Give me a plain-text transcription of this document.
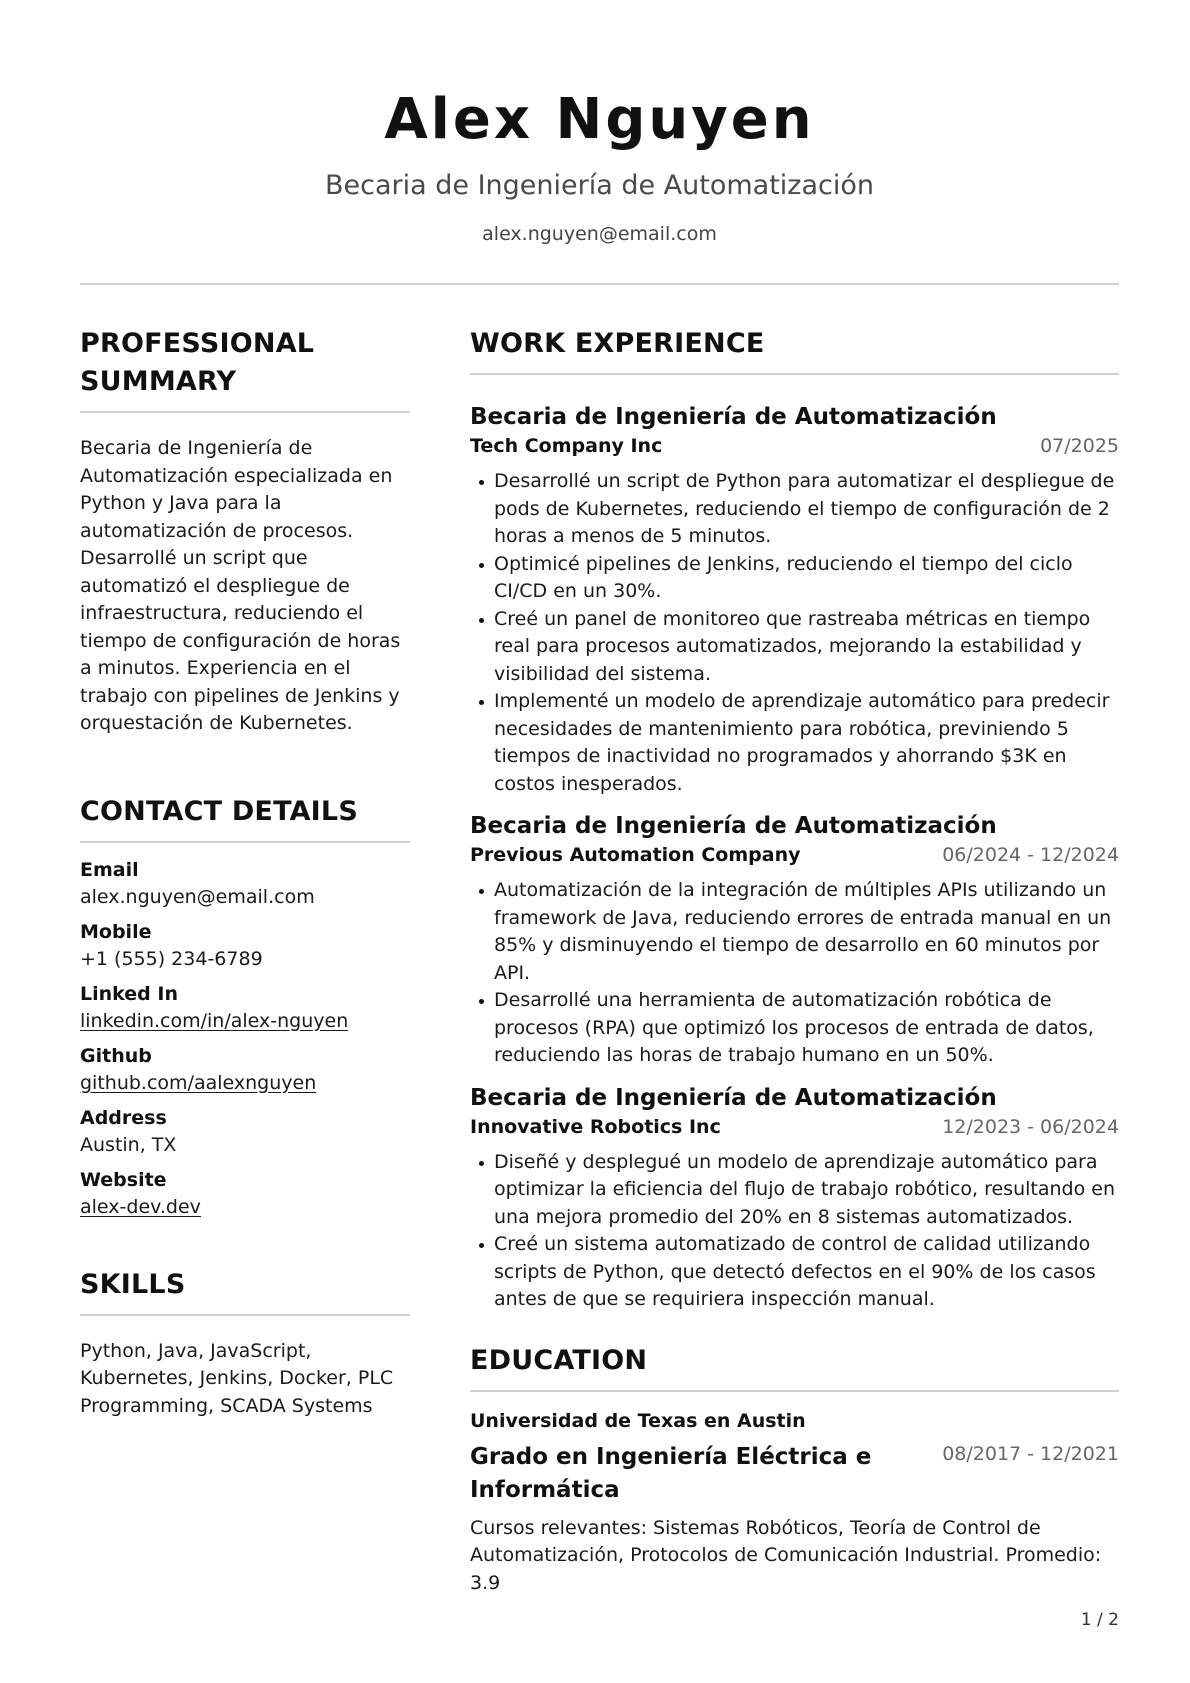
Alex Nguyen
Becaria de Ingeniería de Automatización
alex.nguyen@email.com
PROFESSIONAL SUMMARY
Becaria de Ingeniería de Automatización especializada en Python y Java para la automatización de procesos. Desarrollé un script que automatizó el despliegue de infraestructura, reduciendo el tiempo de configuración de horas a minutos. Experiencia en el trabajo con pipelines de Jenkins y orquestación de Kubernetes.
CONTACT DETAILS
Email
alex.nguyen@email.com
Mobile
+1 (555) 234-6789
Linked In
linkedin.com/in/alex-nguyen
Github
github.com/aalexnguyen
Address
Austin, TX
Website
alex-dev.dev
SKILLS
Python, Java, JavaScript, Kubernetes, Jenkins, Docker, PLC Programming, SCADA Systems
WORK EXPERIENCE
Becaria de Ingeniería de Automatización
Tech Company Inc	07/2025
Desarrollé un script de Python para automatizar el despliegue de pods de Kubernetes, reduciendo el tiempo de configuración de 2 horas a menos de 5 minutos.
Optimicé pipelines de Jenkins, reduciendo el tiempo del ciclo CI/CD en un 30%.
Creé un panel de monitoreo que rastreaba métricas en tiempo real para procesos automatizados, mejorando la estabilidad y visibilidad del sistema.
Implementé un modelo de aprendizaje automático para predecir necesidades de mantenimiento para robótica, previniendo 5 tiempos de inactividad no programados y ahorrando $3K en costos inesperados.
Becaria de Ingeniería de Automatización
Previous Automation Company	06/2024 - 12/2024
Automatización de la integración de múltiples APIs utilizando un framework de Java, reduciendo errores de entrada manual en un 85% y disminuyendo el tiempo de desarrollo en 60 minutos por API.
Desarrollé una herramienta de automatización robótica de procesos (RPA) que optimizó los procesos de entrada de datos, reduciendo las horas de trabajo humano en un 50%.
Becaria de Ingeniería de Automatización
Innovative Robotics Inc	12/2023 - 06/2024
Diseñé y desplegué un modelo de aprendizaje automático para optimizar la eficiencia del flujo de trabajo robótico, resultando en una mejora promedio del 20% en 8 sistemas automatizados.
Creé un sistema automatizado de control de calidad utilizando scripts de Python, que detectó defectos en el 90% de los casos antes de que se requiriera inspección manual.
EDUCATION
Universidad de Texas en Austin
Grado en Ingeniería Eléctrica e Informática
08/2017 - 12/2021
Cursos relevantes: Sistemas Robóticos, Teoría de Control de Automatización, Protocolos de Comunicación Industrial. Promedio: 3.9
1 / 2
